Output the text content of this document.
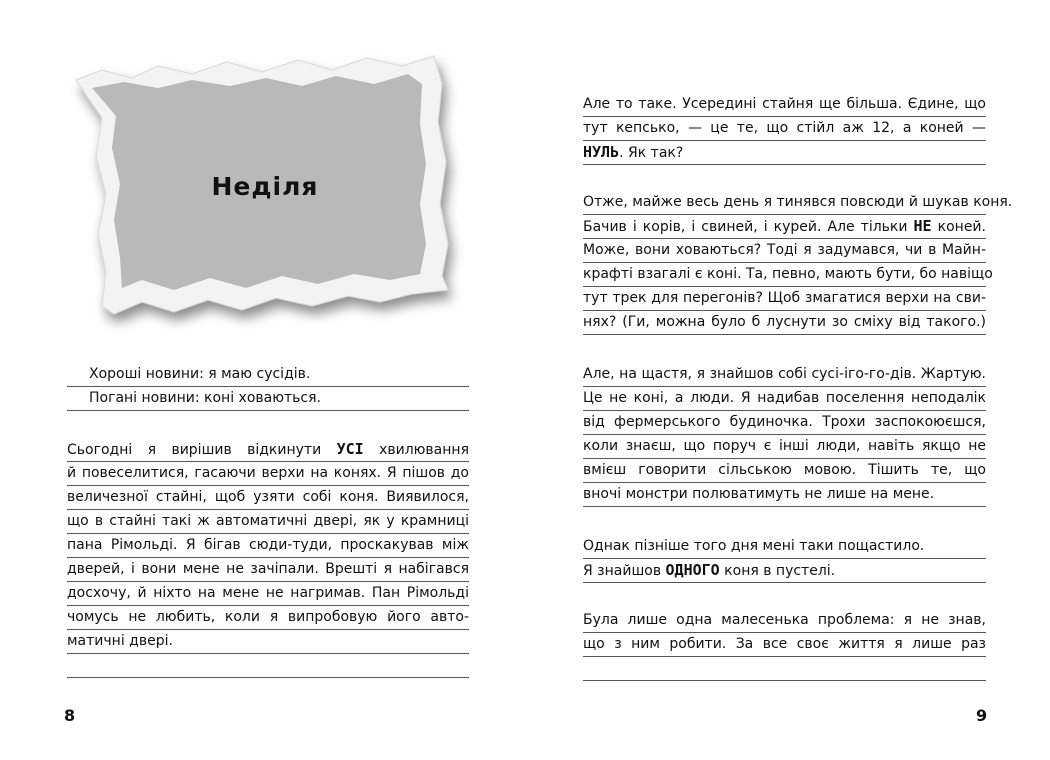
Неділя
Хороші новини: я маю сусідів.
Погані новини: коні ховаються.
Сьогодні я вирішив відкинути УСІ хвилювання
й повеселитися, гасаючи верхи на конях. Я пішов до
величезної стайні, щоб узяти собі коня. Виявилося,
що в стайні такі ж автоматичні двері, як у крамниці
пана Рімольді. Я бігав сюди-туди, проскакував між
дверей, і вони мене не зачіпали. Врешті я набігався
досхочу, й ніхто на мене не нагримав. Пан Рімольді
чомусь не любить, коли я випробовую його авто-
матичні двері.
8
Але то таке. Усередині стайня ще більша. Єдине, що
тут кепсько, — це те, що стійл аж 12, а коней —
НУЛЬ. Як так?
Отже, майже весь день я тинявся повсюди й шукав коня.
Бачив і корів, і свиней, і курей. Але тільки НЕ коней.
Може, вони ховаються? Тоді я задумався, чи в Майн-
крафті взагалі є коні. Та, певно, мають бути, бо навіщо
тут трек для перегонів? Щоб змагатися верхи на сви-
нях? (Ги, можна було б луснути зо сміху від такого.)
Але, на щастя, я знайшов собі сусі-іго-го-дів. Жартую.
Це не коні, а люди. Я надибав поселення неподалік
від фермерського будиночка. Трохи заспокоюєшся,
коли знаєш, що поруч є інші люди, навіть якщо не
вмієш говорити сільською мовою. Тішить те, що
вночі монстри полюватимуть не лише на мене.
Однак пізніше того дня мені таки пощастило.
Я знайшов ОДНОГО коня в пустелі.
Була лише одна малесенька проблема: я не знав,
що з ним робити. За все своє життя я лише раз
9
